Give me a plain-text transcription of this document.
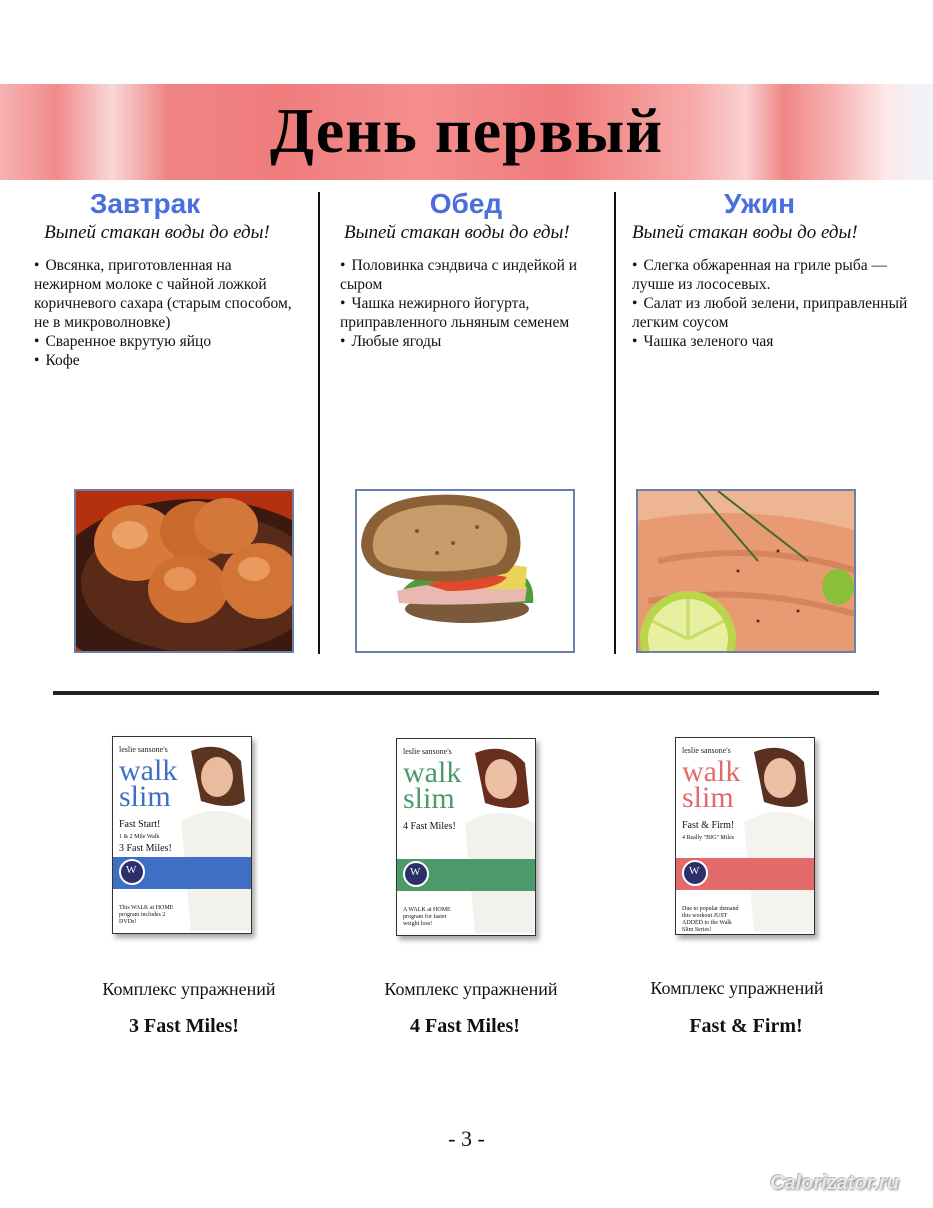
День первый
Завтрак

Выпей стакан воды до еды!

• Овсянка, приготовленная на нежирном молоке с чайной ложкой коричневого сахара (старым способом, не в микроволновке)
• Сваренное вкрутую яйцо
• Кофе
Обед

Выпей стакан воды до еды!

• Половинка сэндвича с индейкой и сыром
• Чашка нежирного йогурта, приправленного льняным семенем
• Любые ягоды
Ужин

Выпей стакан воды до еды!

• Слегка обжаренная на гриле рыба — лучше из лососевых.
• Салат из любой зелени, приправленный легким соусом
• Чашка зеленого чая
leslie sansone's
walk
slim
Fast Start!
1 & 2 Mile Walk
3 Fast Miles!
W
This WALK at HOME program includes 2 DVDs!
leslie sansone's
walk
slim
4 Fast Miles!
W
A WALK at HOME program for faster weight loss!
leslie sansone's
walk
slim
Fast & Firm!
4 Really "BIG" Miles
W
Due to popular demand this workout JUST ADDED to the Walk Slim Series!
Комплекс упражнений
3 Fast Miles!
Комплекс упражнений
4 Fast Miles!
Комплекс упражнений
Fast & Firm!
- 3 -
Calorizator.ru
